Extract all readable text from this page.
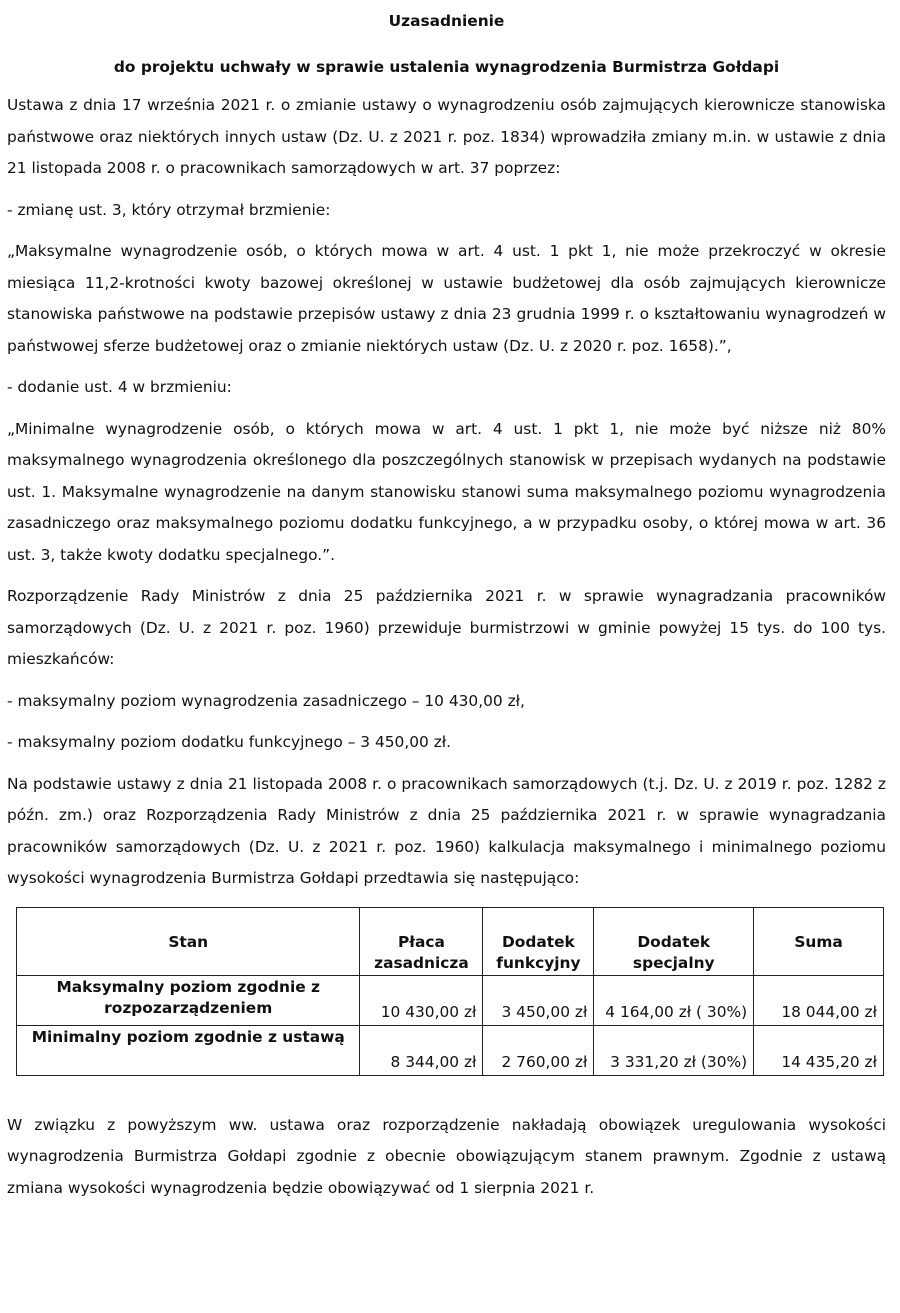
Uzasadnienie
do projektu uchwały w sprawie ustalenia wynagrodzenia Burmistrza Gołdapi

Ustawa z dnia 17 września 2021 r. o zmianie ustawy o wynagrodzeniu osób zajmujących kierownicze stanowiska państwowe oraz niektórych innych ustaw (Dz. U. z 2021 r. poz. 1834) wprowadziła zmiany m.in. w ustawie z dnia 21 listopada 2008 r. o pracownikach samorządowych w art. 37 poprzez:

- zmianę ust. 3, który otrzymał brzmienie:

„Maksymalne wynagrodzenie osób, o których mowa w art. 4 ust. 1 pkt 1, nie może przekroczyć w okresie miesiąca 11,2-krotności kwoty bazowej określonej w ustawie budżetowej dla osób zajmujących kierownicze stanowiska państwowe na podstawie przepisów ustawy z dnia 23 grudnia 1999 r. o kształtowaniu wynagrodzeń w państwowej sferze budżetowej oraz o zmianie niektórych ustaw (Dz. U. z 2020 r. poz. 1658).”,

- dodanie ust. 4 w brzmieniu:

„Minimalne wynagrodzenie osób, o których mowa w art. 4 ust. 1 pkt 1, nie może być niższe niż 80% maksymalnego wynagrodzenia określonego dla poszczególnych stanowisk w przepisach wydanych na podstawie ust. 1. Maksymalne wynagrodzenie na danym stanowisku stanowi suma maksymalnego poziomu wynagrodzenia zasadniczego oraz maksymalnego poziomu dodatku funkcyjnego, a w przypadku osoby, o której mowa w art. 36 ust. 3, także kwoty dodatku specjalnego.”.

Rozporządzenie Rady Ministrów z dnia 25 października 2021 r. w sprawie wynagradzania pracowników samorządowych (Dz. U. z 2021 r. poz. 1960) przewiduje burmistrzowi w gminie powyżej 15 tys. do 100 tys. mieszkańców:

- maksymalny poziom wynagrodzenia zasadniczego – 10 430,00 zł,

- maksymalny poziom dodatku funkcyjnego – 3 450,00 zł.

Na podstawie ustawy z dnia 21 listopada 2008 r. o pracownikach samorządowych (t.j. Dz. U. z 2019 r. poz. 1282 z późn. zm.) oraz Rozporządzenia Rady Ministrów z dnia 25 października 2021 r. w sprawie wynagradzania pracowników samorządowych (Dz. U. z 2021 r. poz. 1960) kalkulacja maksymalnego i minimalnego poziomu wysokości wynagrodzenia Burmistrza Gołdapi przedtawia się następująco:

Stan	Płaca zasadnicza	Dodatek funkcyjny	Dodatek specjalny	Suma
Maksymalny poziom zgodnie z rozpozarządzeniem	10 430,00 zł	3 450,00 zł	4 164,00 zł ( 30%)	18 044,00 zł
Minimalny poziom zgodnie z ustawą	8 344,00 zł	2 760,00 zł	3 331,20 zł (30%)	14 435,20 zł

W związku z powyższym ww. ustawa oraz rozporządzenie nakładają obowiązek uregulowania wysokości wynagrodzenia Burmistrza Gołdapi zgodnie z obecnie obowiązującym stanem prawnym. Zgodnie z ustawą zmiana wysokości wynagrodzenia będzie obowiązywać od 1 sierpnia 2021 r.
